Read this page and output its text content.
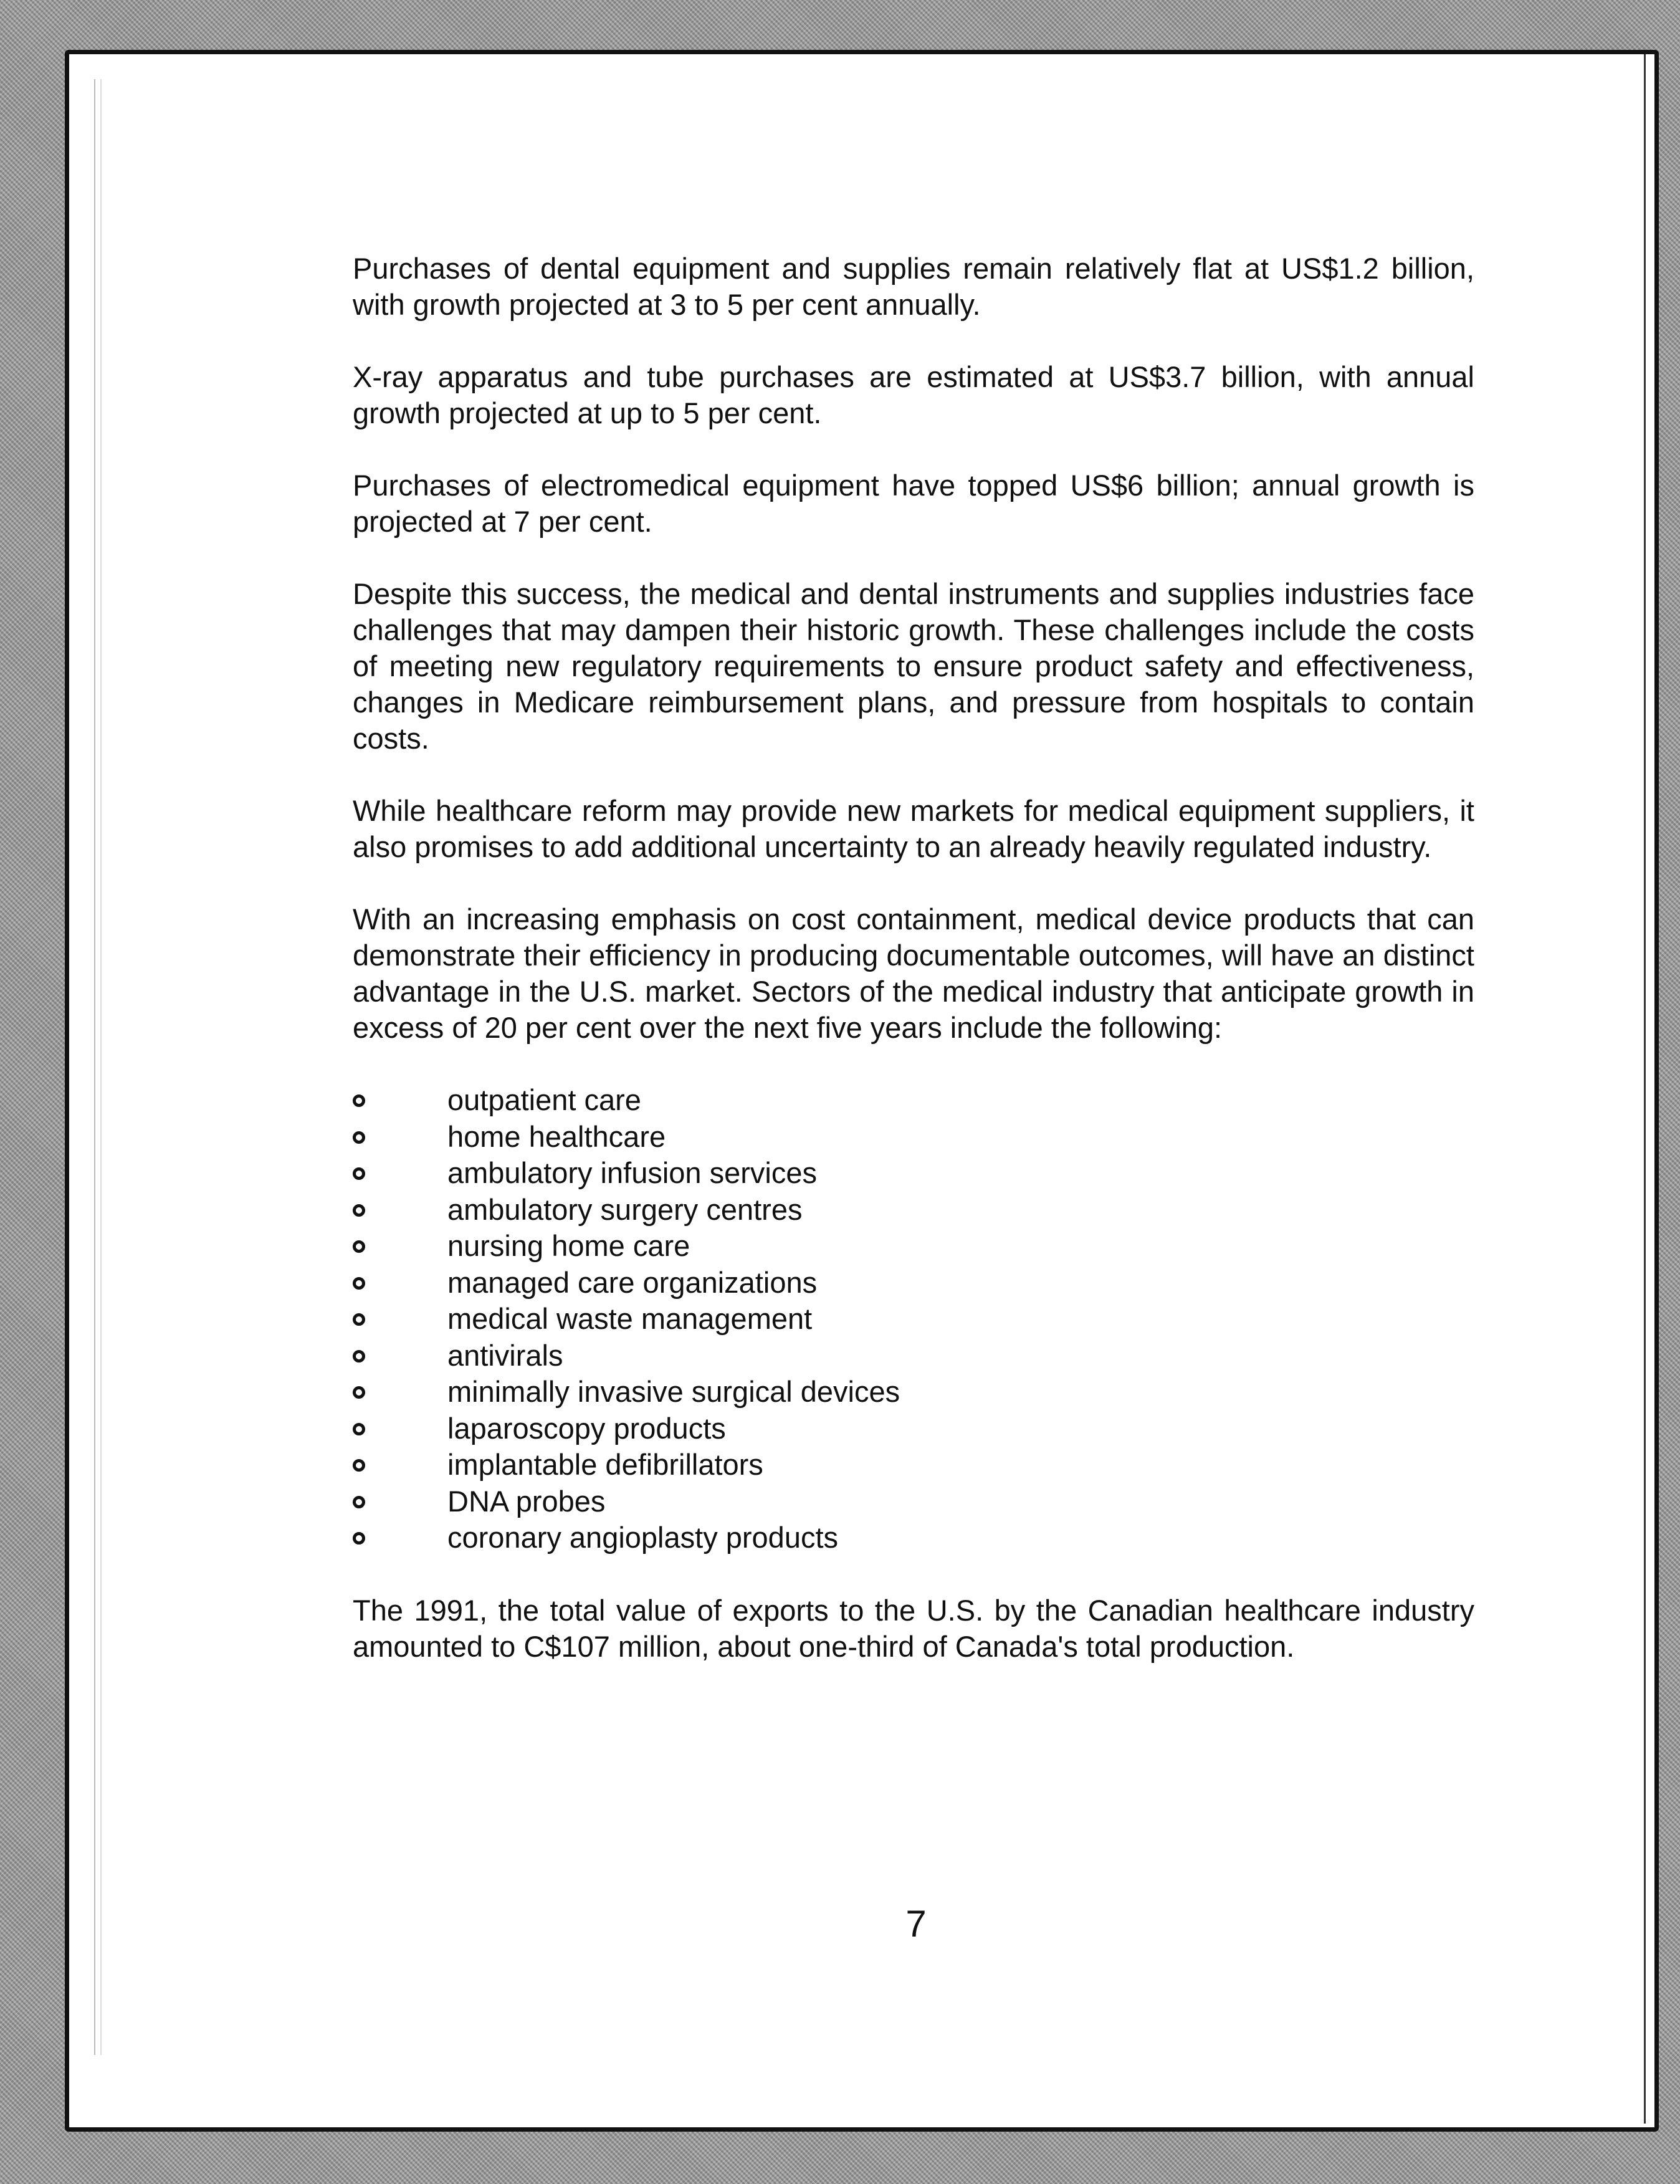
Purchases of dental equipment and supplies remain relatively flat at US$1.2 billion, with growth projected at 3 to 5 per cent annually.

X-ray apparatus and tube purchases are estimated at US$3.7 billion, with annual growth projected at up to 5 per cent.

Purchases of electromedical equipment have topped US$6 billion; annual growth is projected at 7 per cent.

Despite this success, the medical and dental instruments and supplies industries face challenges that may dampen their historic growth. These challenges include the costs of meeting new regulatory requirements to ensure product safety and effectiveness, changes in Medicare reimbursement plans, and pressure from hospitals to contain costs.

While healthcare reform may provide new markets for medical equipment suppliers, it also promises to add additional uncertainty to an already heavily regulated industry.

With an increasing emphasis on cost containment, medical device products that can demonstrate their efficiency in producing documentable outcomes, will have an distinct advantage in the U.S. market. Sectors of the medical industry that anticipate growth in excess of 20 per cent over the next five years include the following:

outpatient care
home healthcare
ambulatory infusion services
ambulatory surgery centres
nursing home care
managed care organizations
medical waste management
antivirals
minimally invasive surgical devices
laparoscopy products
implantable defibrillators
DNA probes
coronary angioplasty products

The 1991, the total value of exports to the U.S. by the Canadian healthcare industry amounted to C$107 million, about one-third of Canada's total production.

7
